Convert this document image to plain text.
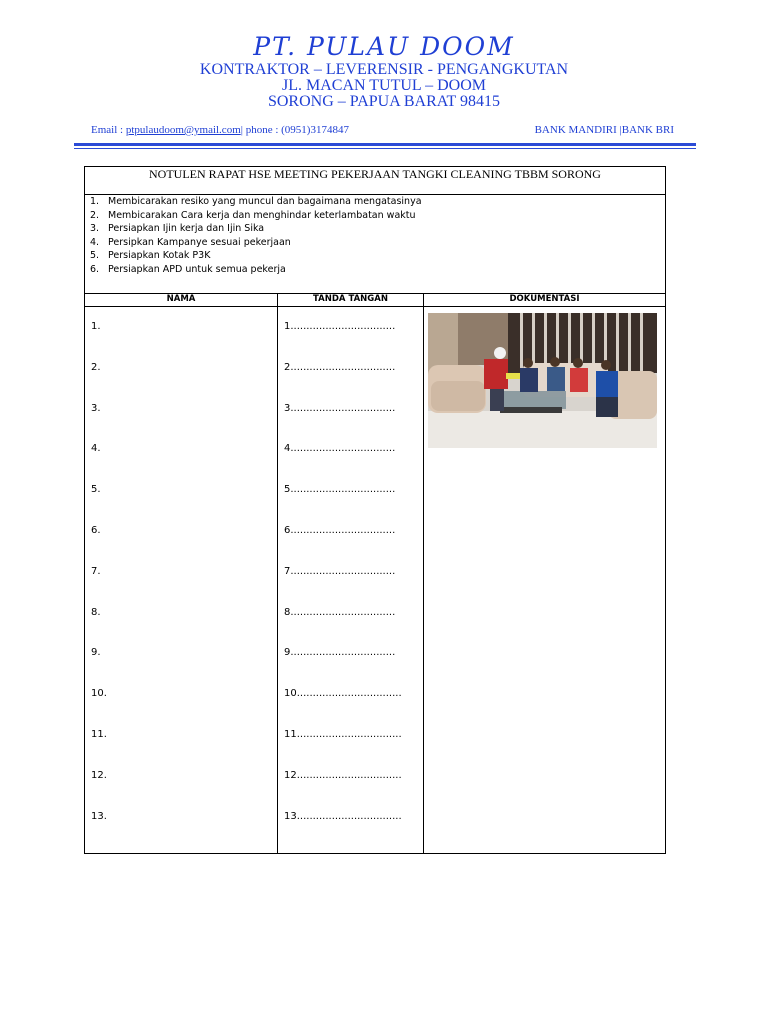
PT. PULAU DOOM
KONTRAKTOR – LEVERENSIR - PENGANGKUTAN
JL. MACAN TUTUL – DOOM
SORONG – PAPUA BARAT 98415
Email : ptpulaudoom@ymail.com| phone : (0951)3174847	BANK MANDIRI |BANK BRI
NOTULEN RAPAT HSE MEETING PEKERJAAN TANGKI CLEANING TBBM SORONG
1. Membicarakan resiko yang muncul dan bagaimana mengatasinya
2. Membicarakan Cara kerja dan menghindar keterlambatan waktu
3. Persiapkan Ijin kerja dan Ijin Sika
4. Persipkan Kampanye sesuai pekerjaan
5. Persiapkan Kotak P3K
6. Persiapkan APD untuk semua pekerja
NAMA	TANDA TANGAN	DOKUMENTASI
1.	1.................................
2.	2.................................
3.	3.................................
4.	4.................................
5.	5.................................
6.	6.................................
7.	7.................................
8.	8.................................
9.	9.................................
10.	10.................................
11.	11.................................
12.	12.................................
13.	13.................................
